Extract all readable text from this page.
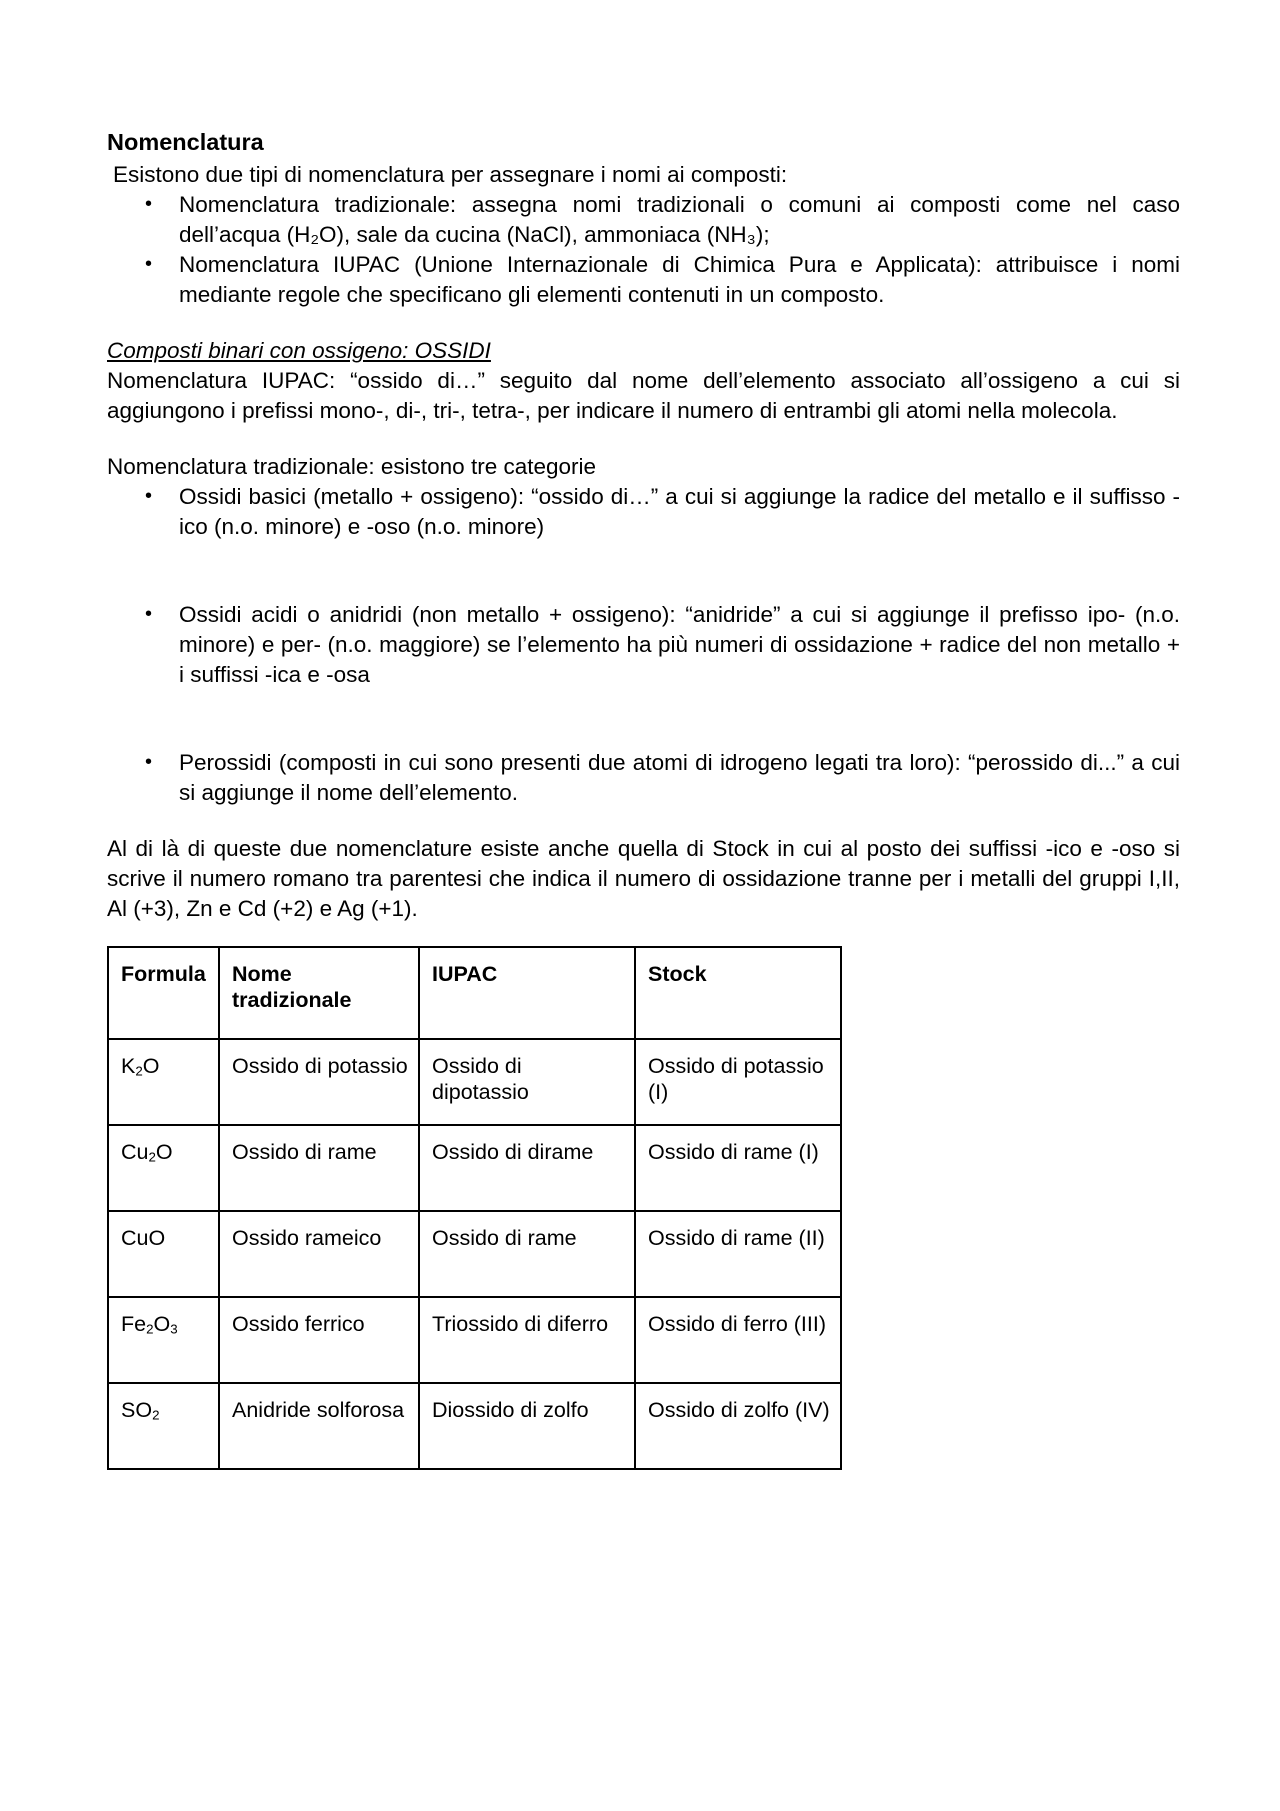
Nomenclatura

Esistono due tipi di nomenclatura per assegnare i nomi ai composti:

• Nomenclatura tradizionale: assegna nomi tradizionali o comuni ai composti come nel caso dell’acqua (H₂O), sale da cucina (NaCl), ammoniaca (NH₃);
• Nomenclatura IUPAC (Unione Internazionale di Chimica Pura e Applicata): attribuisce i nomi mediante regole che specificano gli elementi contenuti in un composto.
Composti binari con ossigeno: OSSIDI

Nomenclatura IUPAC: “ossido di…” seguito dal nome dell’elemento associato all’ossigeno a cui si aggiungono i prefissi mono-, di-, tri-, tetra-, per indicare il numero di entrambi gli atomi nella molecola.

Nomenclatura tradizionale: esistono tre categorie

• Ossidi basici (metallo + ossigeno): “ossido di…” a cui si aggiunge la radice del metallo e il suffisso -ico (n.o. minore) e -oso (n.o. minore)
• Ossidi acidi o anidridi (non metallo + ossigeno): “anidride” a cui si aggiunge il prefisso ipo- (n.o. minore) e per- (n.o. maggiore) se l’elemento ha più numeri di ossidazione + radice del non metallo + i suffissi -ica e -osa
• Perossidi (composti in cui sono presenti due atomi di idrogeno legati tra loro): “perossido di...” a cui si aggiunge il nome dell’elemento.

Al di là di queste due nomenclature esiste anche quella di Stock in cui al posto dei suffissi -ico e -oso si scrive il numero romano tra parentesi che indica il numero di ossidazione tranne per i metalli del gruppi I,II, Al (+3), Zn e Cd (+2) e Ag (+1).

Formula	Nome tradizionale	IUPAC	Stock
$K_2O$	Ossido di potassio	Ossido di dipotassio	Ossido di potassio (I)
$Cu_2O$	Ossido di rame	Ossido di dirame	Ossido di rame (I)
CuO	Ossido rameico	Ossido di rame	Ossido di rame (II)
$Fe_2O_3$	Ossido ferrico	Triossido di diferro	Ossido di ferro (III)
$SO_2$	Anidride solforosa	Diossido di zolfo	Ossido di zolfo (IV)
